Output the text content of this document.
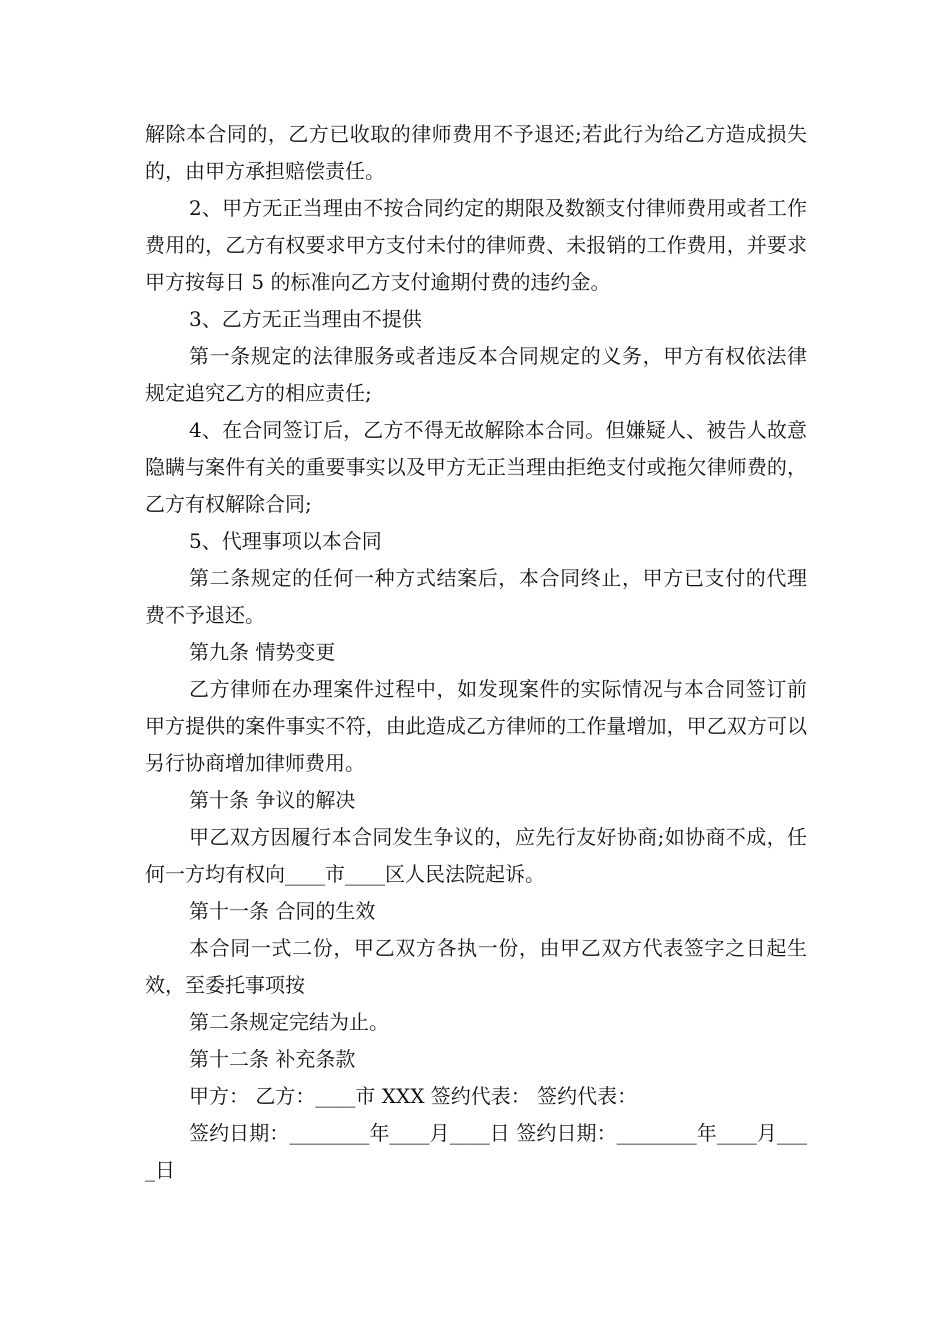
解除本合同的，乙方已收取的律师费用不予退还;若此行为给乙方造成损失的，由甲方承担赔偿责任。

2、甲方无正当理由不按合同约定的期限及数额支付律师费用或者工作费用的，乙方有权要求甲方支付未付的律师费、未报销的工作费用，并要求甲方按每日 5 的标准向乙方支付逾期付费的违约金。

3、乙方无正当理由不提供

第一条规定的法律服务或者违反本合同规定的义务，甲方有权依法律规定追究乙方的相应责任;

4、在合同签订后，乙方不得无故解除本合同。但嫌疑人、被告人故意隐瞒与案件有关的重要事实以及甲方无正当理由拒绝支付或拖欠律师费的，乙方有权解除合同;

5、代理事项以本合同

第二条规定的任何一种方式结案后，本合同终止，甲方已支付的代理费不予退还。

第九条 情势变更

乙方律师在办理案件过程中，如发现案件的实际情况与本合同签订前甲方提供的案件事实不符，由此造成乙方律师的工作量增加，甲乙双方可以另行协商增加律师费用。

第十条 争议的解决

甲乙双方因履行本合同发生争议的，应先行友好协商;如协商不成，任何一方均有权向____市____区人民法院起诉。

第十一条 合同的生效

本合同一式二份，甲乙双方各执一份，由甲乙双方代表签字之日起生效，至委托事项按

第二条规定完结为止。

第十二条 补充条款

甲方： 乙方：____市 XXX 签约代表： 签约代表：

签约日期：________年____月____日 签约日期：________年____月____日
